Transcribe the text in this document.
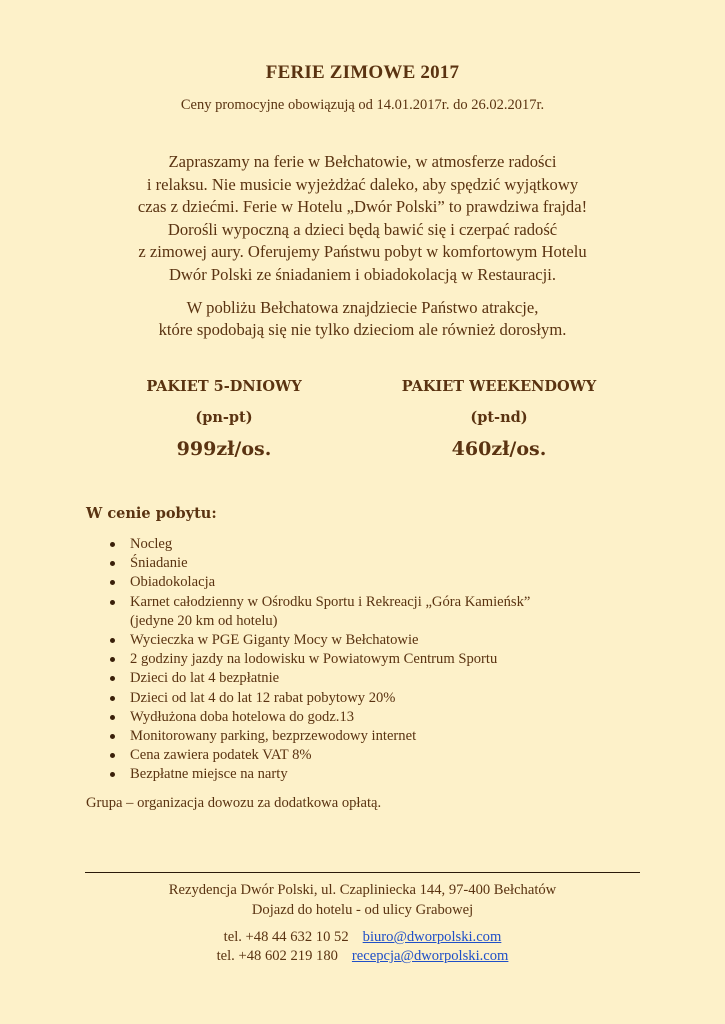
FERIE ZIMOWE 2017
Ceny promocyjne obowiązują od 14.01.2017r. do 26.02.2017r.

Zapraszamy na ferie w Bełchatowie, w atmosferze radości
i relaksu. Nie musicie wyjeżdżać daleko, aby spędzić wyjątkowy
czas z dziećmi. Ferie w Hotelu „Dwór Polski” to prawdziwa frajda!
Dorośli wypoczną a dzieci będą bawić się i czerpać radość
z zimowej aury. Oferujemy Państwu pobyt w komfortowym Hotelu
Dwór Polski ze śniadaniem i obiadokolacją w Restauracji.

W pobliżu Bełchatowa znajdziecie Państwo atrakcje,
które spodobają się nie tylko dzieciom ale również dorosłym.

PAKIET 5-DNIOWY
(pn-pt)
999zł/os.
PAKIET WEEKENDOWY
(pt-nd)
460zł/os.
W cenie pobytu:
Nocleg
Śniadanie
Obiadokolacja
Karnet całodzienny w Ośrodku Sportu i Rekreacji „Góra Kamieńsk”
(jedyne 20 km od hotelu)
Wycieczka w PGE Giganty Mocy w Bełchatowie
2 godziny jazdy na lodowisku w Powiatowym Centrum Sportu
Dzieci do lat 4 bezpłatnie
Dzieci od lat 4 do lat 12 rabat pobytowy 20%
Wydłużona doba hotelowa do godz.13
Monitorowany parking, bezprzewodowy internet
Cena zawiera podatek VAT 8%
Bezpłatne miejsce na narty
Grupa – organizacja dowozu za dodatkowa opłatą.
Rezydencja Dwór Polski, ul. Czapliniecka 144, 97-400 Bełchatów
Dojazd do hotelu - od ulicy Grabowej
tel. +48 44 632 10 52 biuro@dworpolski.com
tel. +48 602 219 180 recepcja@dworpolski.com
